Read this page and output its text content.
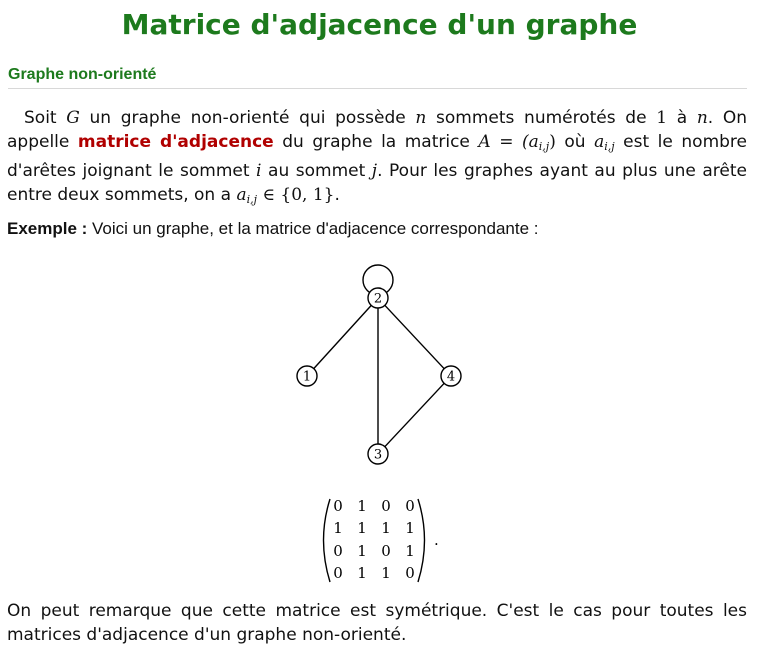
Matrice d'adjacence d'un graphe
Graphe non-orienté

Soit G un graphe non-orienté qui possède n sommets numérotés de 1 à n. On appelle matrice d'adjacence du graphe la matrice $A = (a_{i,j})$ où $a_{i,j}$ est le nombre d'arêtes joignant le sommet i au sommet j. Pour les graphes ayant au plus une arête entre deux sommets, on a $a_{i,j}$ ∈ {0, 1}.

Exemple : Voici un graphe, et la matrice d'adjacence correspondante :

1
2
3
4
0 1 0 0
1 1 1 1
0 1 0 1
0 1 1 0
.

On peut remarque que cette matrice est symétrique. C'est le cas pour toutes les matrices d'adjacence d'un graphe non-orienté.
